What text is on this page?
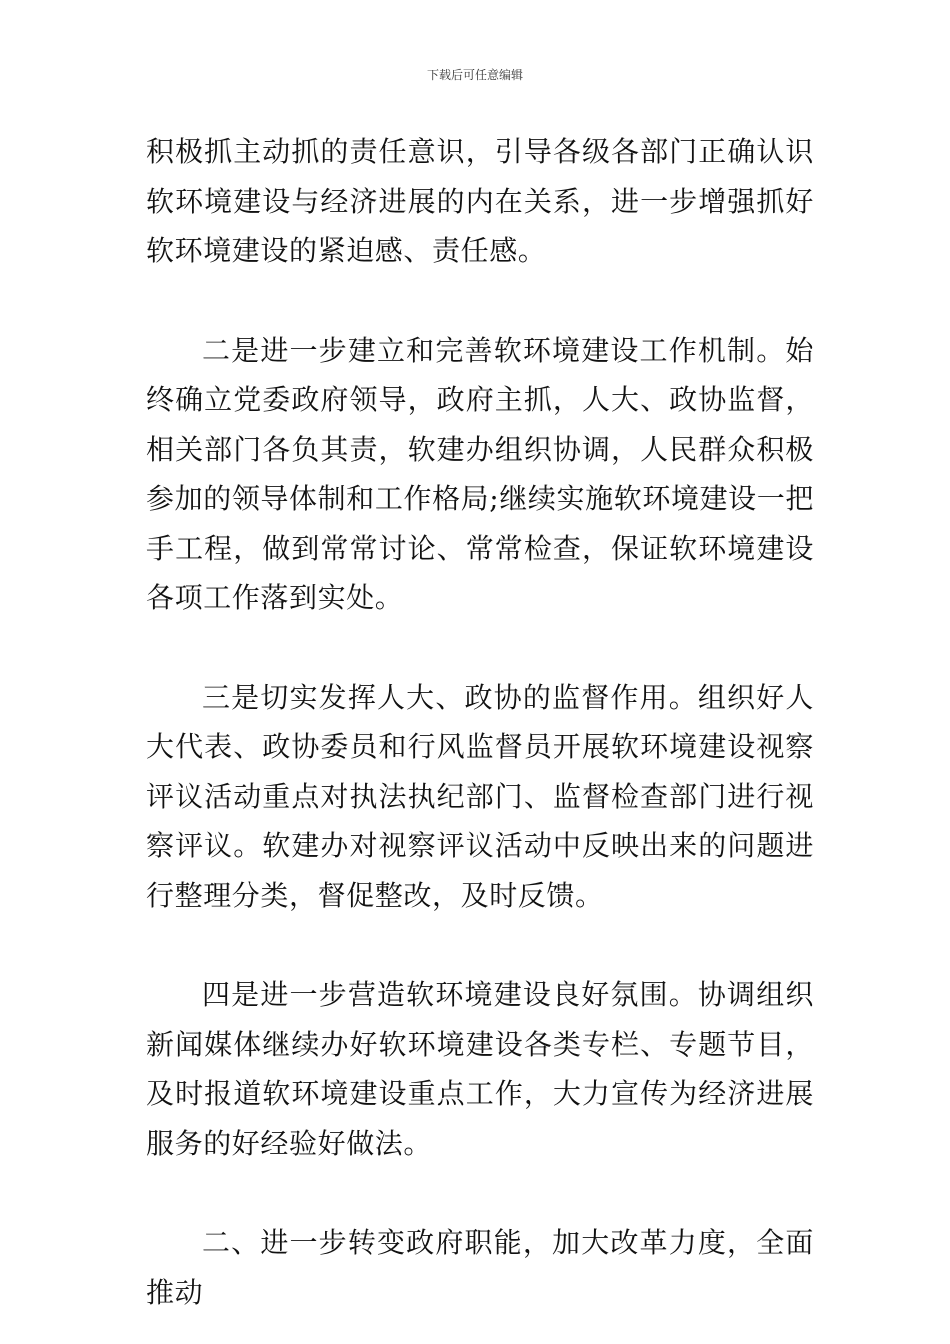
下载后可任意编辑

积极抓主动抓的责任意识，引导各级各部门正确认识软环境建设与经济进展的内在关系，进一步增强抓好软环境建设的紧迫感、责任感。

二是进一步建立和完善软环境建设工作机制。始终确立党委政府领导，政府主抓，人大、政协监督，相关部门各负其责，软建办组织协调，人民群众积极参加的领导体制和工作格局;继续实施软环境建设一把手工程，做到常常讨论、常常检查，保证软环境建设各项工作落到实处。

三是切实发挥人大、政协的监督作用。组织好人大代表、政协委员和行风监督员开展软环境建设视察评议活动重点对执法执纪部门、监督检查部门进行视察评议。软建办对视察评议活动中反映出来的问题进行整理分类，督促整改，及时反馈。

四是进一步营造软环境建设良好氛围。协调组织新闻媒体继续办好软环境建设各类专栏、专题节目，及时报道软环境建设重点工作，大力宣传为经济进展服务的好经验好做法。

二、进一步转变政府职能，加大改革力度，全面推动
